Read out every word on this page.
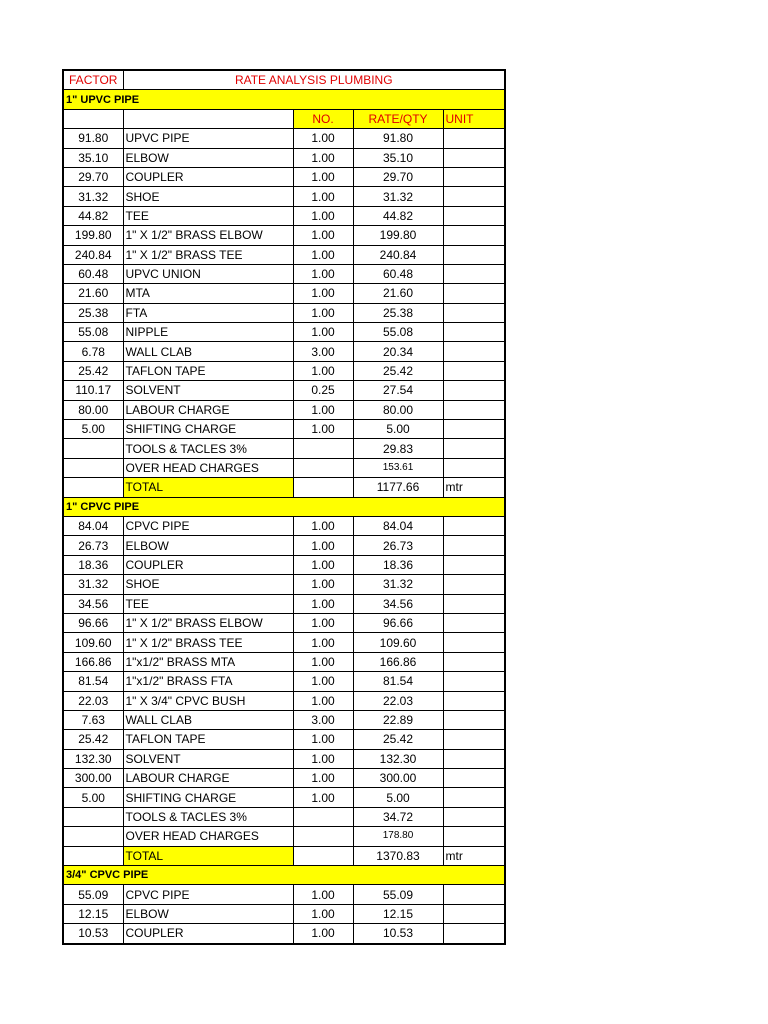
FACTOR	RATE ANALYSIS PLUMBING			
1" UPVC PIPE				
		NO.	RATE/QTY	UNIT
91.80	UPVC PIPE	1.00	91.80	
35.10	ELBOW	1.00	35.10	
29.70	COUPLER	1.00	29.70	
31.32	SHOE	1.00	31.32	
44.82	TEE	1.00	44.82	
199.80	1" X 1/2" BRASS ELBOW	1.00	199.80	
240.84	1" X 1/2" BRASS TEE	1.00	240.84	
60.48	UPVC UNION	1.00	60.48	
21.60	MTA	1.00	21.60	
25.38	FTA	1.00	25.38	
55.08	NIPPLE	1.00	55.08	
6.78	WALL CLAB	3.00	20.34	
25.42	TAFLON TAPE	1.00	25.42	
110.17	SOLVENT	0.25	27.54	
80.00	LABOUR CHARGE	1.00	80.00	
5.00	SHIFTING CHARGE	1.00	5.00	
	TOOLS & TACLES 3%		29.83	
	OVER HEAD CHARGES		153.61	
	TOTAL		1177.66	mtr
1" CPVC PIPE				
84.04	CPVC PIPE	1.00	84.04	
26.73	ELBOW	1.00	26.73	
18.36	COUPLER	1.00	18.36	
31.32	SHOE	1.00	31.32	
34.56	TEE	1.00	34.56	
96.66	1" X 1/2" BRASS ELBOW	1.00	96.66	
109.60	1" X 1/2" BRASS TEE	1.00	109.60	
166.86	1"x1/2" BRASS MTA	1.00	166.86	
81.54	1"x1/2" BRASS FTA	1.00	81.54	
22.03	1" X 3/4" CPVC BUSH	1.00	22.03	
7.63	WALL CLAB	3.00	22.89	
25.42	TAFLON TAPE	1.00	25.42	
132.30	SOLVENT	1.00	132.30	
300.00	LABOUR CHARGE	1.00	300.00	
5.00	SHIFTING CHARGE	1.00	5.00	
	TOOLS & TACLES 3%		34.72	
	OVER HEAD CHARGES		178.80	
	TOTAL		1370.83	mtr
3/4" CPVC PIPE				
55.09	CPVC PIPE	1.00	55.09	
12.15	ELBOW	1.00	12.15	
10.53	COUPLER	1.00	10.53	
